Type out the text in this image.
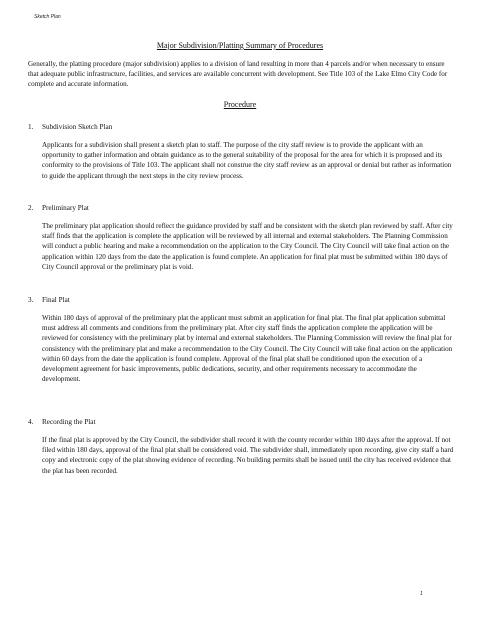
Sketch Plan
Major Subdivision/Platting Summary of Procedures
Generally, the platting procedure (major subdivision) applies to a division of land resulting in more than 4 parcels and/or when necessary to ensure that adequate public infrastructure, facilities, and services are available concurrent with development. See Title 103 of the Lake Elmo City Code for complete and accurate information.
Procedure
1. Subdivision Sketch Plan
Applicants for a subdivision shall present a sketch plan to staff. The purpose of the city staff review is to provide the applicant with an opportunity to gather information and obtain guidance as to the general suitability of the proposal for the area for which it is proposed and its conformity to the provisions of Title 103. The applicant shall not construe the city staff review as an approval or denial but rather as information to guide the applicant through the next steps in the city review process.
2. Preliminary Plat
The preliminary plat application should reflect the guidance provided by staff and be consistent with the sketch plan reviewed by staff. After city staff finds that the application is complete the application will be reviewed by all internal and external stakeholders. The Planning Commission will conduct a public hearing and make a recommendation on the application to the City Council. The City Council will take final action on the application within 120 days from the date the application is found complete. An application for final plat must be submitted within 180 days of City Council approval or the preliminary plat is void.
3. Final Plat
Within 180 days of approval of the preliminary plat the applicant must submit an application for final plat. The final plat application submittal must address all comments and conditions from the preliminary plat. After city staff finds the application complete the application will be reviewed for consistency with the preliminary plat by internal and external stakeholders. The Planning Commission will review the final plat for consistency with the preliminary plat and make a recommendation to the City Council. The City Council will take final action on the application within 60 days from the date the application is found complete. Approval of the final plat shall be conditioned upon the execution of a development agreement for basic improvements, public dedications, security, and other requirements necessary to accommodate the development.
4. Recording the Plat
If the final plat is approved by the City Council, the subdivider shall record it with the county recorder within 180 days after the approval. If not filed within 180 days, approval of the final plat shall be considered void. The subdivider shall, immediately upon recording, give city staff a hard copy and electronic copy of the plat showing evidence of recording. No building permits shall be issued until the city has received evidence that the plat has been recorded.
1
